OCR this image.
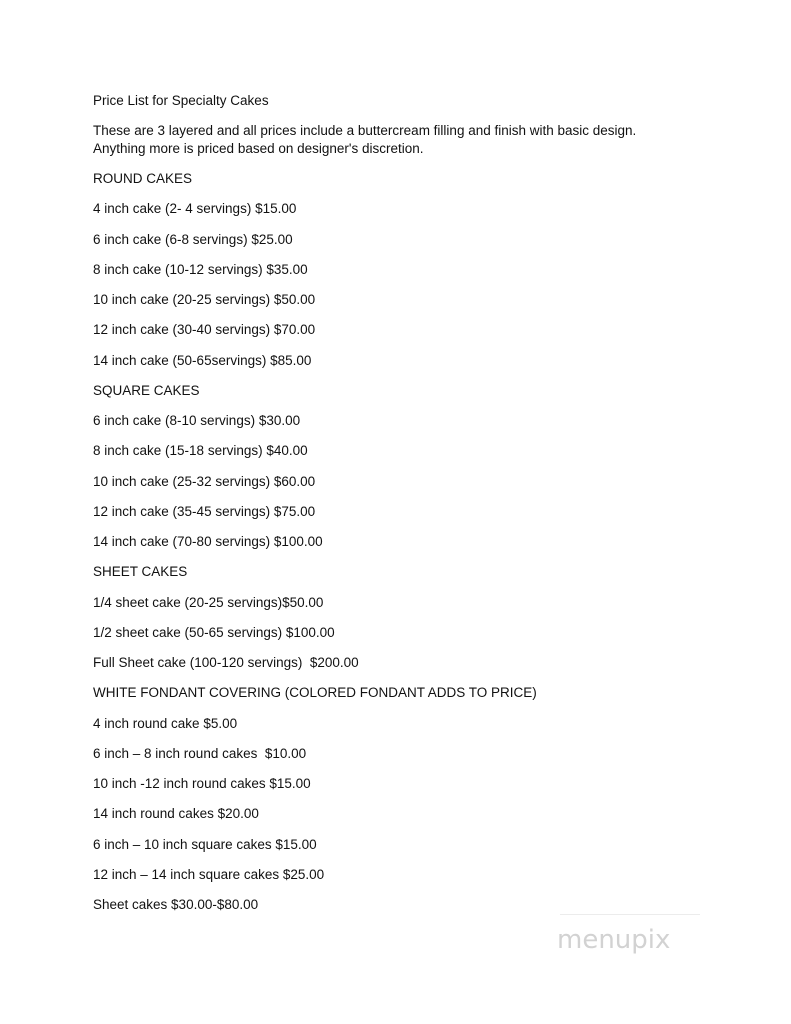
Price List for Specialty Cakes

These are 3 layered and all prices include a buttercream filling and finish with basic design. Anything more is priced based on designer's discretion.

ROUND CAKES

4 inch cake (2- 4 servings) $15.00

6 inch cake (6-8 servings) $25.00

8 inch cake (10-12 servings) $35.00

10 inch cake (20-25 servings) $50.00

12 inch cake (30-40 servings) $70.00

14 inch cake (50-65servings) $85.00

SQUARE CAKES

6 inch cake (8-10 servings) $30.00

8 inch cake (15-18 servings) $40.00

10 inch cake (25-32 servings) $60.00

12 inch cake (35-45 servings) $75.00

14 inch cake (70-80 servings) $100.00

SHEET CAKES

1/4 sheet cake (20-25 servings)$50.00

1/2 sheet cake (50-65 servings) $100.00

Full Sheet cake (100-120 servings)  $200.00

WHITE FONDANT COVERING (COLORED FONDANT ADDS TO PRICE)

4 inch round cake $5.00

6 inch – 8 inch round cakes  $10.00

10 inch -12 inch round cakes $15.00

14 inch round cakes $20.00

6 inch – 10 inch square cakes $15.00

12 inch – 14 inch square cakes $25.00

Sheet cakes $30.00-$80.00

menupix
